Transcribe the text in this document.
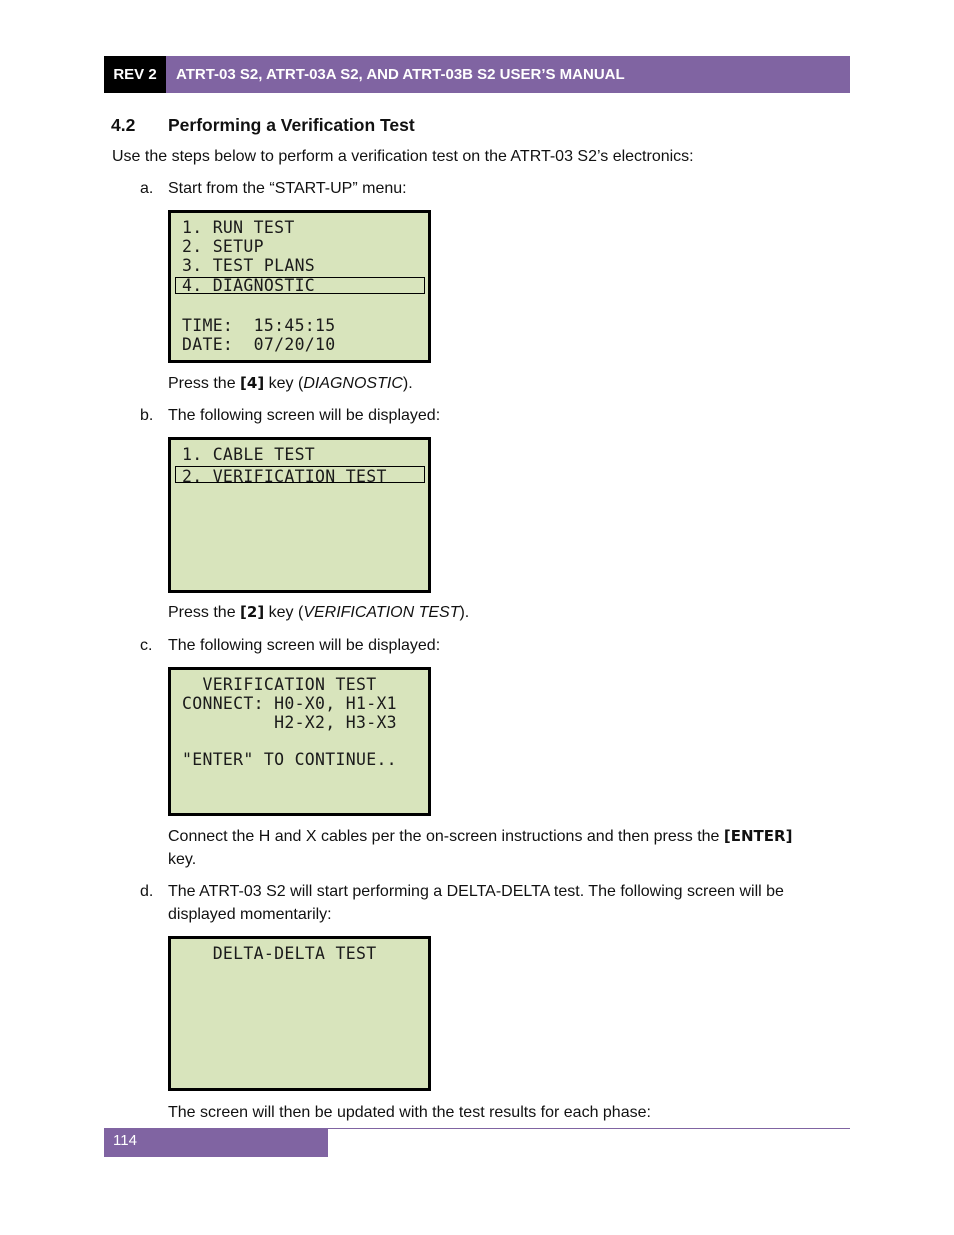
REV 2	ATRT-03 S2, ATRT-03A S2, AND ATRT-03B S2 USER’S MANUAL
4.2 Performing a Verification Test
Use the steps below to perform a verification test on the ATRT-03 S2’s electronics:
a. Start from the “START-UP” menu:
1. RUN TEST
2. SETUP
3. TEST PLANS
4. DIAGNOSTIC
TIME:  15:45:15
DATE:  07/20/10
Press the [4] key (DIAGNOSTIC).
b. The following screen will be displayed:
1. CABLE TEST
2. VERIFICATION TEST
Press the [2] key (VERIFICATION TEST).
c. The following screen will be displayed:
VERIFICATION TEST
CONNECT: H0-X0, H1-X1
H2-X2, H3-X3
"ENTER" TO CONTINUE..
Connect the H and X cables per the on-screen instructions and then press the [ENTER]
key.
d. The ATRT-03 S2 will start performing a DELTA-DELTA test. The following screen will be
displayed momentarily:
DELTA-DELTA TEST
The screen will then be updated with the test results for each phase:
114
